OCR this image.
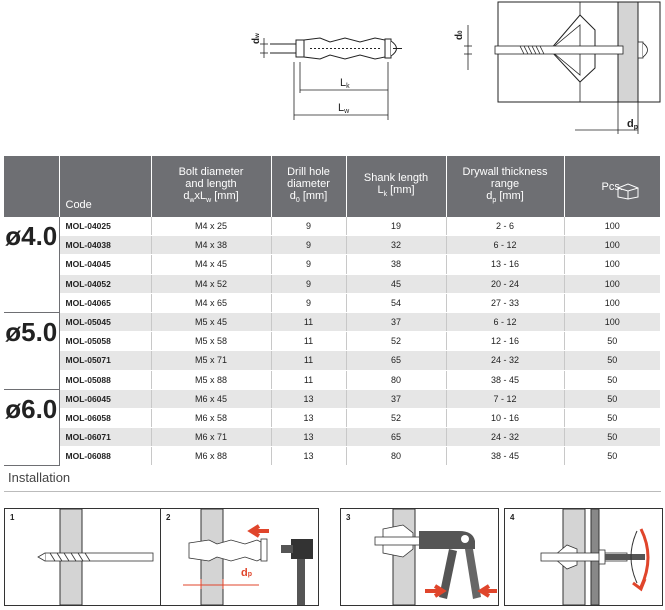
dw
Lk
Lw
d0
dp
	Code	Bolt diameter
and length
$d_wxL_w$ [mm]	Drill hole
diameter
$d_0$ [mm]	Shank length
$L_k$ [mm]	Drywall thickness range
$d_p$ [mm]	Pcs.

ø4.0	MOL-04025	M4 x 25	9	19	2 - 6	100
	MOL-04038	M4 x 38	9	32	6 - 12	100
	MOL-04045	M4 x 45	9	38	13 - 16	100
	MOL-04052	M4 x 52	9	45	20 - 24	100
	MOL-04065	M4 x 65	9	54	27 - 33	100
ø5.0	MOL-05045	M5 x 45	11	37	6 - 12	100
	MOL-05058	M5 x 58	11	52	12 - 16	50
	MOL-05071	M5 x 71	11	65	24 - 32	50
	MOL-05088	M5 x 88	11	80	38 - 45	50
ø6.0	MOL-06045	M6 x 45	13	37	7 - 12	50
	MOL-06058	M6 x 58	13	52	10 - 16	50
	MOL-06071	M6 x 71	13	65	24 - 32	50
	MOL-06088	M6 x 88	13	80	38 - 45	50
Installation
1	2
dp
3	4
